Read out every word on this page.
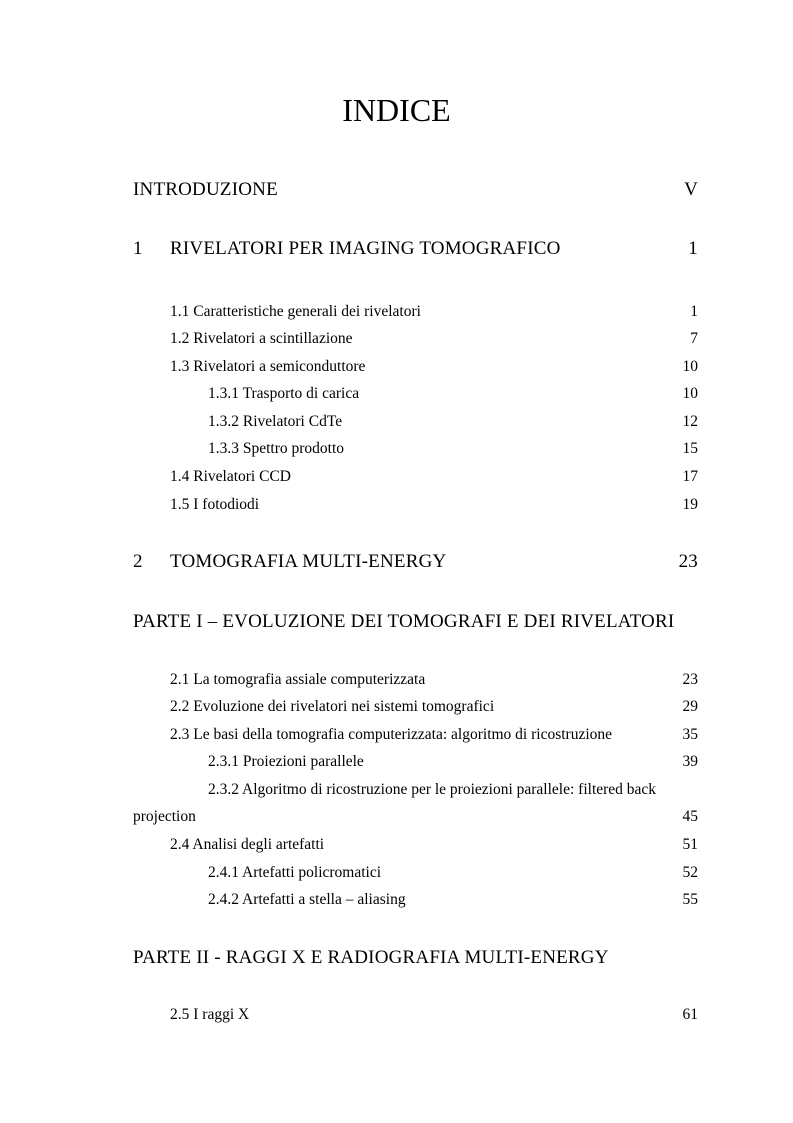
INDICE
INTRODUZIONE	V
1 RIVELATORI PER IMAGING TOMOGRAFICO	1
1.1 Caratteristiche generali dei rivelatori	1
1.2 Rivelatori a scintillazione	7
1.3 Rivelatori a semiconduttore	10
1.3.1 Trasporto di carica	10
1.3.2 Rivelatori CdTe	12
1.3.3 Spettro prodotto	15
1.4 Rivelatori CCD	17
1.5 I fotodiodi	19
2 TOMOGRAFIA MULTI-ENERGY	23
PARTE I – EVOLUZIONE DEI TOMOGRAFI E DEI RIVELATORI
2.1 La tomografia assiale computerizzata	23
2.2 Evoluzione dei rivelatori nei sistemi tomografici	29
2.3 Le basi della tomografia computerizzata: algoritmo di ricostruzione	35
2.3.1 Proiezioni parallele	39
2.3.2 Algoritmo di ricostruzione per le proiezioni parallele: filtered back
projection	45
2.4 Analisi degli artefatti	51
2.4.1 Artefatti policromatici	52
2.4.2 Artefatti a stella – aliasing	55
PARTE II - RAGGI X E RADIOGRAFIA MULTI-ENERGY
2.5 I raggi X	61
